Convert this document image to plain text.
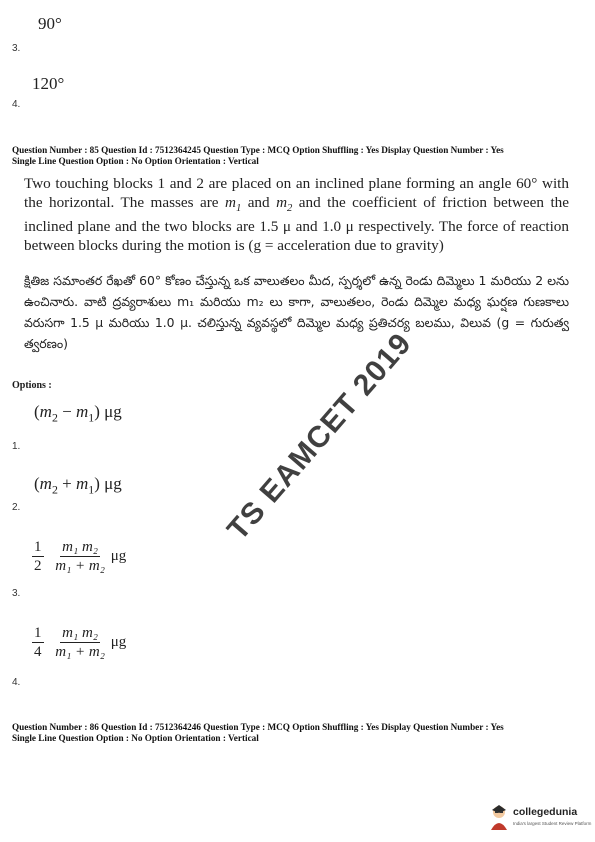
90°
3.
120°
4.
Question Number : 85 Question Id : 7512364245 Question Type : MCQ Option Shuffling : Yes Display Question Number : Yes
Single Line Question Option : No Option Orientation : Vertical
Two touching blocks 1 and 2 are placed on an inclined plane forming an angle 60° with the horizontal. The masses are $m_1$ and $m_2$ and the coefficient of friction between the inclined plane and the two blocks are 1.5 μ and 1.0 μ respectively. The force of reaction between blocks during the motion is (g = acceleration due to gravity)
క్షితిజ సమాంతర రేఖతో 60° కోణం చేస్తున్న ఒక వాలుతలం మీద, స్పర్శలో ఉన్న రెండు దిమ్మెలు 1 మరియు 2 లను ఉంచినారు. వాటి ద్రవ్యరాశులు m₁ మరియు m₂ లు కాగా, వాలుతలం, రెండు దిమ్మెల మధ్య ఘర్షణ గుణకాలు వరుసగా 1.5 μ మరియు 1.0 μ. చలిస్తున్న వ్యవస్థలో దిమ్మెల మధ్య ప్రతిచర్య బలము, విలువ (g = గురుత్వ త్వరణం)
Options :
$(m_2 - m_1)$ μg
1.
$(m_2 + m_1)$ μg
2.
$\frac{1}{2}$
$\frac{\text{m₁ m₂}}{\text{m₁ + m₂}}$ μg
3.
$\frac{1}{4}$
$\frac{\text{m₁ m₂}}{\text{m₁ + m₂}}$ μg
4.
Question Number : 86 Question Id : 7512364246 Question Type : MCQ Option Shuffling : Yes Display Question Number : Yes
Single Line Question Option : No Option Orientation : Vertical
TS EAMCET 2019
collegedunia
India's largest Student Review Platform
